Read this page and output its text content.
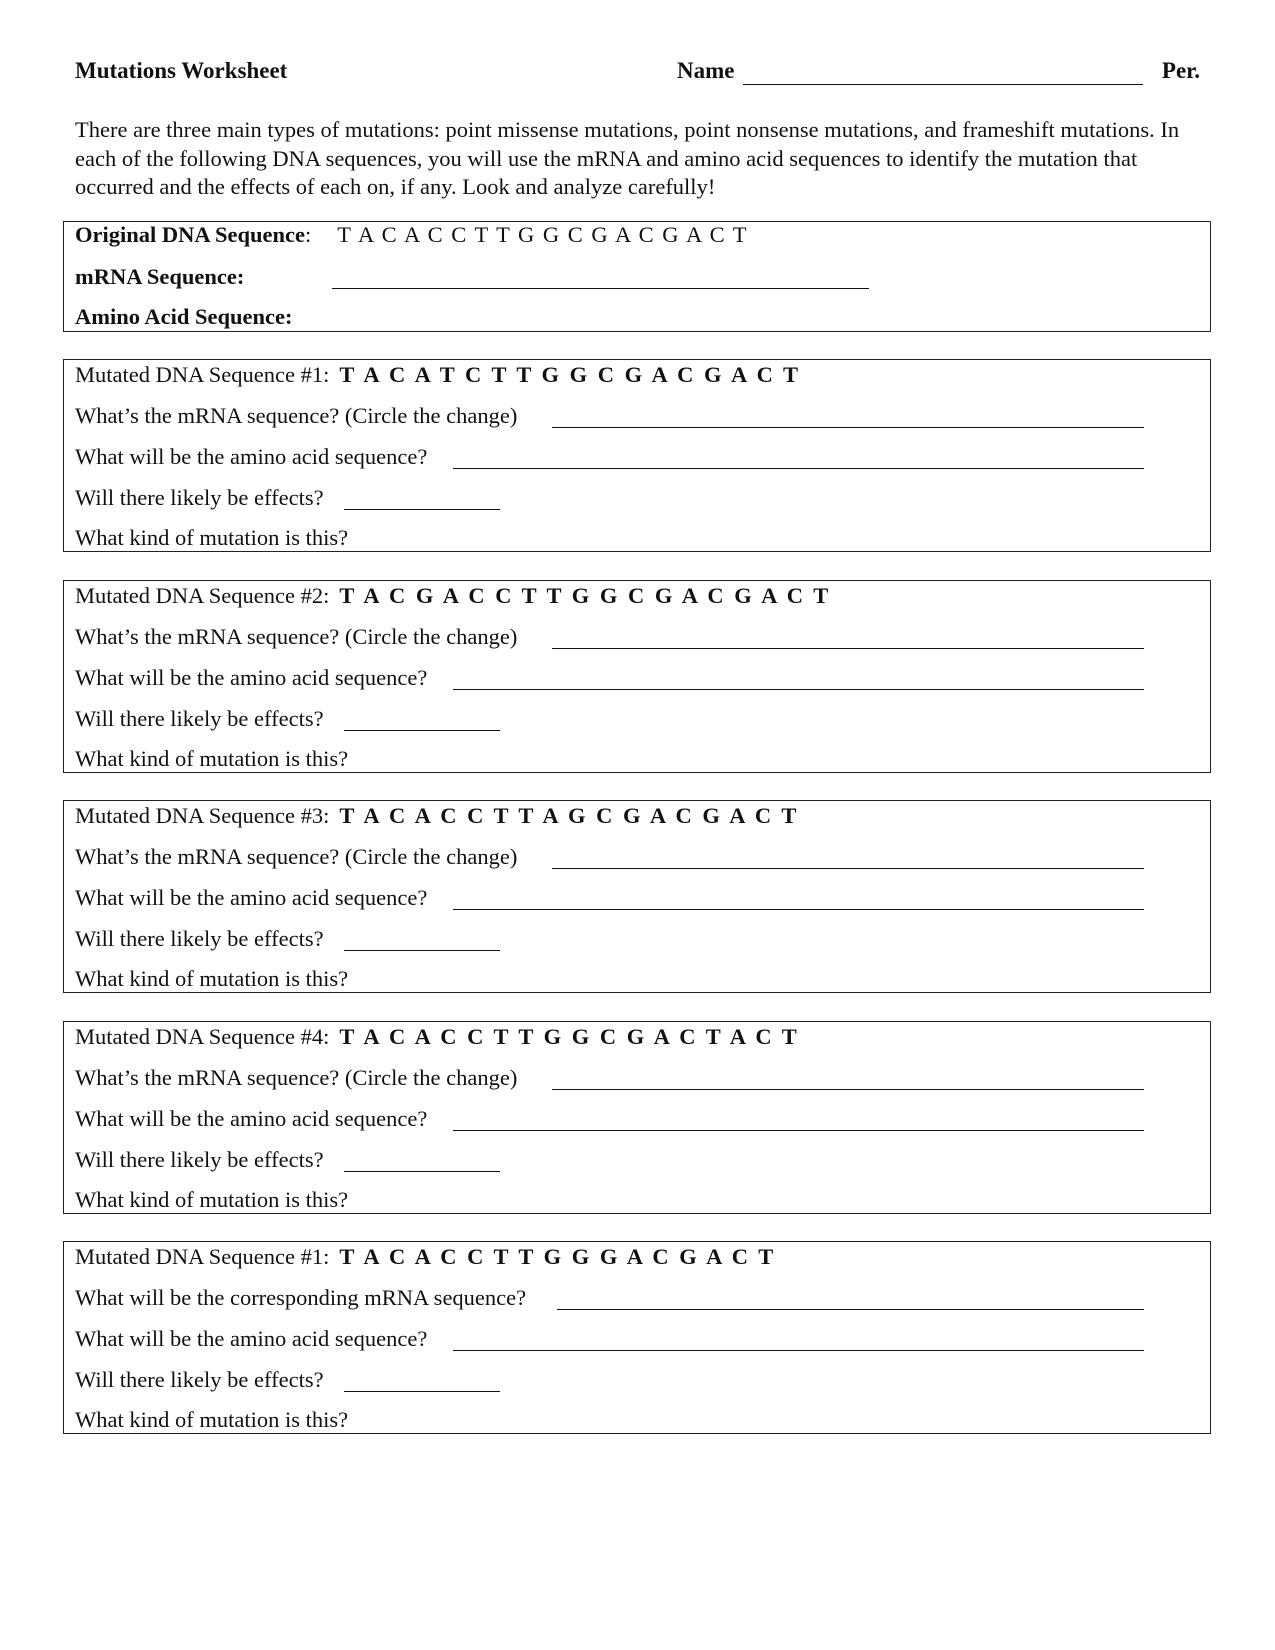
Mutations Worksheet	Name	Per.
There are three main types of mutations: point missense mutations, point nonsense mutations, and frameshift mutations. In each of the following DNA sequences, you will use the mRNA and amino acid sequences to identify the mutation that occurred and the effects of each on, if any. Look and analyze carefully!
Original DNA Sequence : T A C A C C T T G G C G A C G A C T
mRNA Sequence:
Amino Acid Sequence:
Mutated DNA Sequence #1: T A C A T C T T G G C G A C G A C T
What’s the mRNA sequence? (Circle the change)
What will be the amino acid sequence?
Will there likely be effects?
What kind of mutation is this?
Mutated DNA Sequence #2: T A C G A C C T T G G C G A C G A C T
What’s the mRNA sequence? (Circle the change)
What will be the amino acid sequence?
Will there likely be effects?
What kind of mutation is this?
Mutated DNA Sequence #3: T A C A C C T T A G C G A C G A C T
What’s the mRNA sequence? (Circle the change)
What will be the amino acid sequence?
Will there likely be effects?
What kind of mutation is this?
Mutated DNA Sequence #4: T A C A C C T T G G C G A C T A C T
What’s the mRNA sequence? (Circle the change)
What will be the amino acid sequence?
Will there likely be effects?
What kind of mutation is this?
Mutated DNA Sequence #1: T A C A C C T T G G G A C G A C T
What will be the corresponding mRNA sequence?
What will be the amino acid sequence?
Will there likely be effects?
What kind of mutation is this?
